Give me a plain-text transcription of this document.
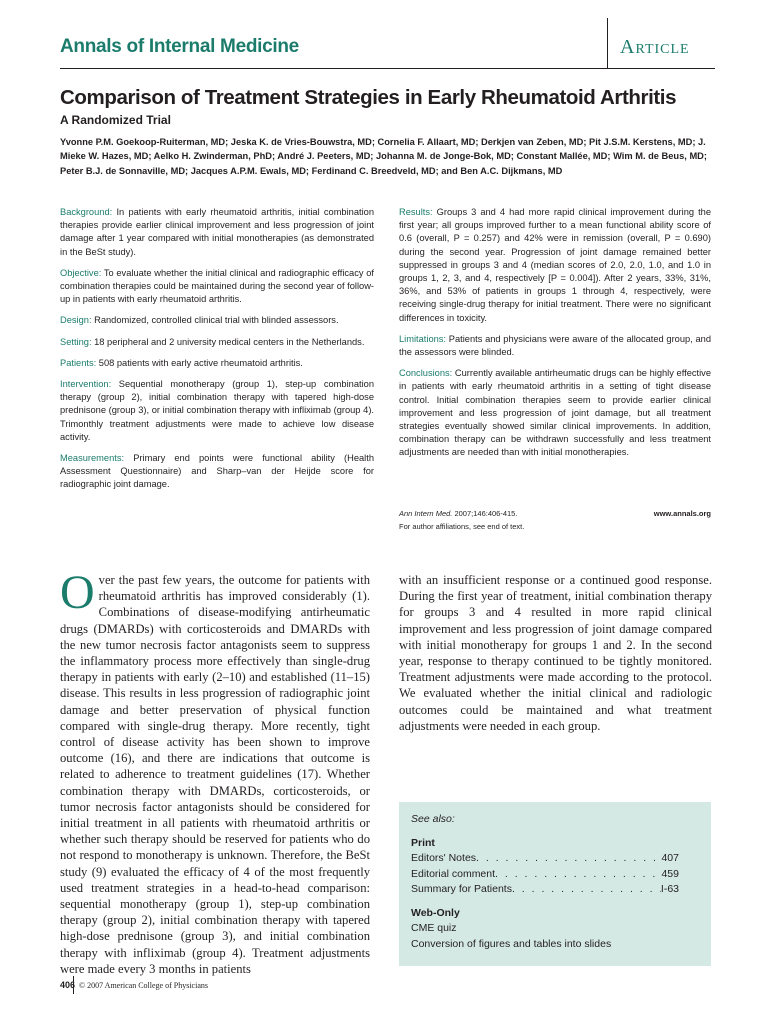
Annals of Internal Medicine	Article
Comparison of Treatment Strategies in Early Rheumatoid Arthritis
A Randomized Trial
Yvonne P.M. Goekoop-Ruiterman, MD; Jeska K. de Vries-Bouwstra, MD; Cornelia F. Allaart, MD; Derkjen van Zeben, MD; Pit J.S.M. Kerstens, MD; J. Mieke W. Hazes, MD; Aelko H. Zwinderman, PhD; André J. Peeters, MD; Johanna M. de Jonge-Bok, MD; Constant Mallée, MD; Wim M. de Beus, MD; Peter B.J. de Sonnaville, MD; Jacques A.P.M. Ewals, MD; Ferdinand C. Breedveld, MD; and Ben A.C. Dijkmans, MD

Background: In patients with early rheumatoid arthritis, initial combination therapies provide earlier clinical improvement and less progression of joint damage after 1 year compared with initial monotherapies (as demonstrated in the BeSt study).

Objective: To evaluate whether the initial clinical and radiographic efficacy of combination therapies could be maintained during the second year of follow-up in patients with early rheumatoid arthritis.

Design: Randomized, controlled clinical trial with blinded assessors.

Setting: 18 peripheral and 2 university medical centers in the Netherlands.

Patients: 508 patients with early active rheumatoid arthritis.

Intervention: Sequential monotherapy (group 1), step-up combination therapy (group 2), initial combination therapy with tapered high-dose prednisone (group 3), or initial combination therapy with infliximab (group 4). Trimonthly treatment adjustments were made to achieve low disease activity.

Measurements: Primary end points were functional ability (Health Assessment Questionnaire) and Sharp–van der Heijde score for radiographic joint damage.

Results: Groups 3 and 4 had more rapid clinical improvement during the first year; all groups improved further to a mean functional ability score of 0.6 (overall, P = 0.257) and 42% were in remission (overall, P = 0.690) during the second year. Progression of joint damage remained better suppressed in groups 3 and 4 (median scores of 2.0, 2.0, 1.0, and 1.0 in groups 1, 2, 3, and 4, respectively [P = 0.004]). After 2 years, 33%, 31%, 36%, and 53% of patients in groups 1 through 4, respectively, were receiving single-drug therapy for initial treatment. There were no significant differences in toxicity.

Limitations: Patients and physicians were aware of the allocated group, and the assessors were blinded.

Conclusions: Currently available antirheumatic drugs can be highly effective in patients with early rheumatoid arthritis in a setting of tight disease control. Initial combination therapies seem to provide earlier clinical improvement and less progression of joint damage, but all treatment strategies eventually showed similar clinical improvements. In addition, combination therapy can be withdrawn successfully and less treatment adjustments are needed than with initial monotherapies.

Ann Intern Med. 2007;146:406-415.	www.annals.org
For author affiliations, see end of text.
Over the past few years, the outcome for patients with rheumatoid arthritis has improved considerably (1). Combinations of disease-modifying antirheumatic drugs (DMARDs) with corticosteroids and DMARDs with the new tumor necrosis factor antagonists seem to suppress the inflammatory process more effectively than single-drug therapy in patients with early (2–10) and established (11–15) disease. This results in less progression of radiographic joint damage and better preservation of physical function compared with single-drug therapy. More recently, tight control of disease activity has been shown to improve outcome (16), and there are indications that outcome is related to adherence to treatment guidelines (17). Whether combination therapy with DMARDs, corticosteroids, or tumor necrosis factor antagonists should be considered for initial treatment in all patients with rheumatoid arthritis or whether such therapy should be reserved for patients who do not respond to monotherapy is unknown. Therefore, the BeSt study (9) evaluated the efficacy of 4 of the most frequently used treatment strategies in a head-to-head comparison: sequential monotherapy (group 1), step-up combination therapy (group 2), initial combination therapy with tapered high-dose prednisone (group 3), and initial combination therapy with infliximab (group 4). Treatment adjustments were made every 3 months in patients
with an insufficient response or a continued good response. During the first year of treatment, initial combination therapy for groups 3 and 4 resulted in more rapid clinical improvement and less progression of joint damage compared with initial monotherapy for groups 1 and 2. In the second year, response to therapy continued to be tightly monitored. Treatment adjustments were made according to the protocol. We evaluated whether the initial clinical and radiologic outcomes could be maintained and what treatment adjustments were needed in each group.
See also:
Print
Editors' Notes . . .	407
Editorial comment . . .	459
Summary for Patients . . .	I-63
Web-Only
CME quiz
Conversion of figures and tables into slides
406 © 2007 American College of Physicians
